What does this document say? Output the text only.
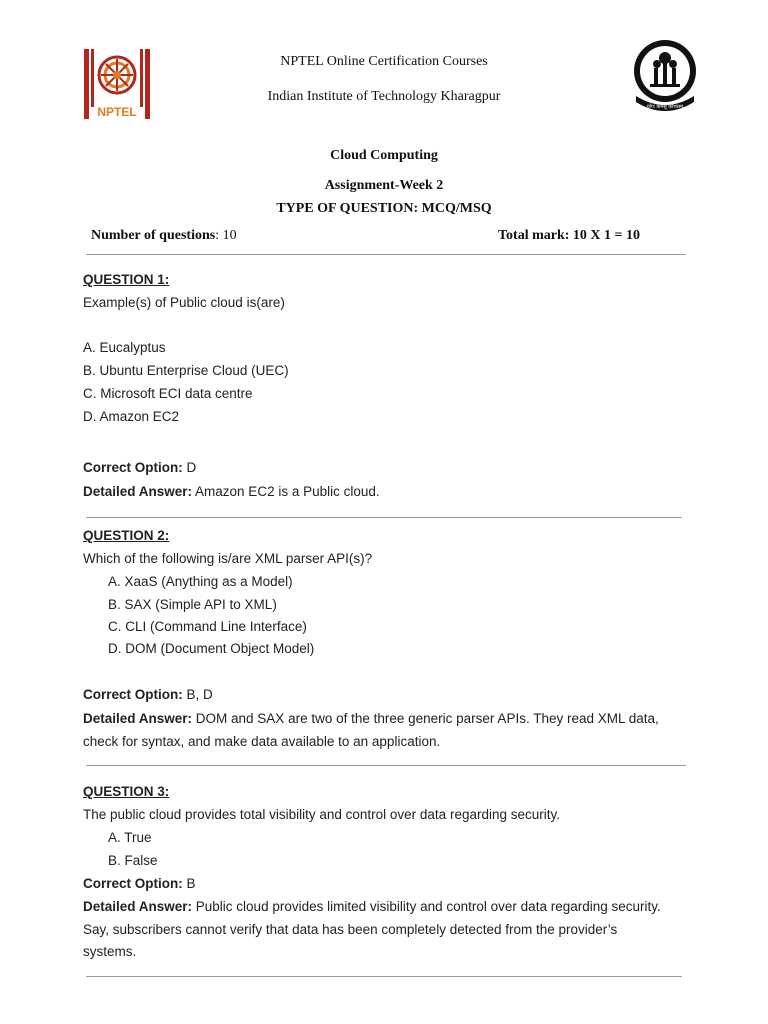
NPTEL	योगः कर्मसु कौशलम्
NPTEL Online Certification Courses
Indian Institute of Technology Kharagpur
Cloud Computing
Assignment-Week 2
TYPE OF QUESTION: MCQ/MSQ
Number of questions: 10	Total mark: 10 X 1 = 10
QUESTION 1:
Example(s) of Public cloud is(are)
A. Eucalyptus
B. Ubuntu Enterprise Cloud (UEC)
C. Microsoft ECI data centre
D. Amazon EC2
Correct Option: D
Detailed Answer: Amazon EC2 is a Public cloud.
QUESTION 2:
Which of the following is/are XML parser API(s)?
A. XaaS (Anything as a Model)
B. SAX (Simple API to XML)
C. CLI (Command Line Interface)
D. DOM (Document Object Model)
Correct Option: B, D
Detailed Answer: DOM and SAX are two of the three generic parser APIs. They read XML data,
check for syntax, and make data available to an application.
QUESTION 3:
The public cloud provides total visibility and control over data regarding security.
A. True
B. False
Correct Option: B
Detailed Answer: Public cloud provides limited visibility and control over data regarding security.
Say, subscribers cannot verify that data has been completely detected from the provider’s
systems.
